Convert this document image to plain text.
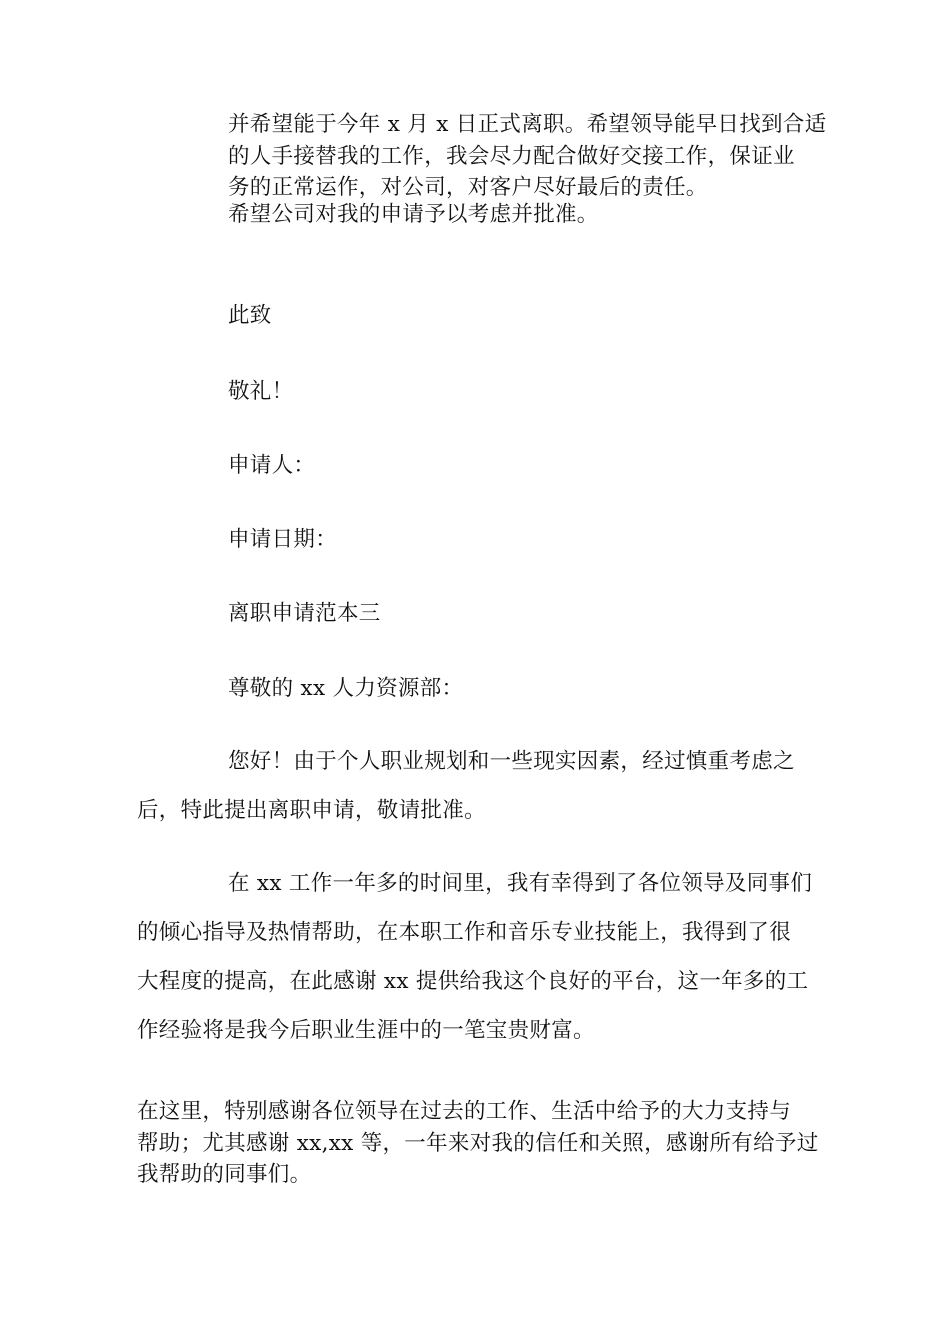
并希望能于今年 x 月 x 日正式离职。希望领导能早日找到合适
的人手接替我的工作，我会尽力配合做好交接工作，保证业
务的正常运作，对公司，对客户尽好最后的责任。
希望公司对我的申请予以考虑并批准。
此致
敬礼！
申请人：
申请日期：
离职申请范本三
尊敬的 xx 人力资源部：
您好！由于个人职业规划和一些现实因素，经过慎重考虑之
后，特此提出离职申请，敬请批准。
在 xx 工作一年多的时间里，我有幸得到了各位领导及同事们
的倾心指导及热情帮助，在本职工作和音乐专业技能上，我得到了很
大程度的提高，在此感谢 xx 提供给我这个良好的平台，这一年多的工
作经验将是我今后职业生涯中的一笔宝贵财富。
在这里，特别感谢各位领导在过去的工作、生活中给予的大力支持与
帮助；尤其感谢 xx,xx 等，一年来对我的信任和关照，感谢所有给予过
我帮助的同事们。
